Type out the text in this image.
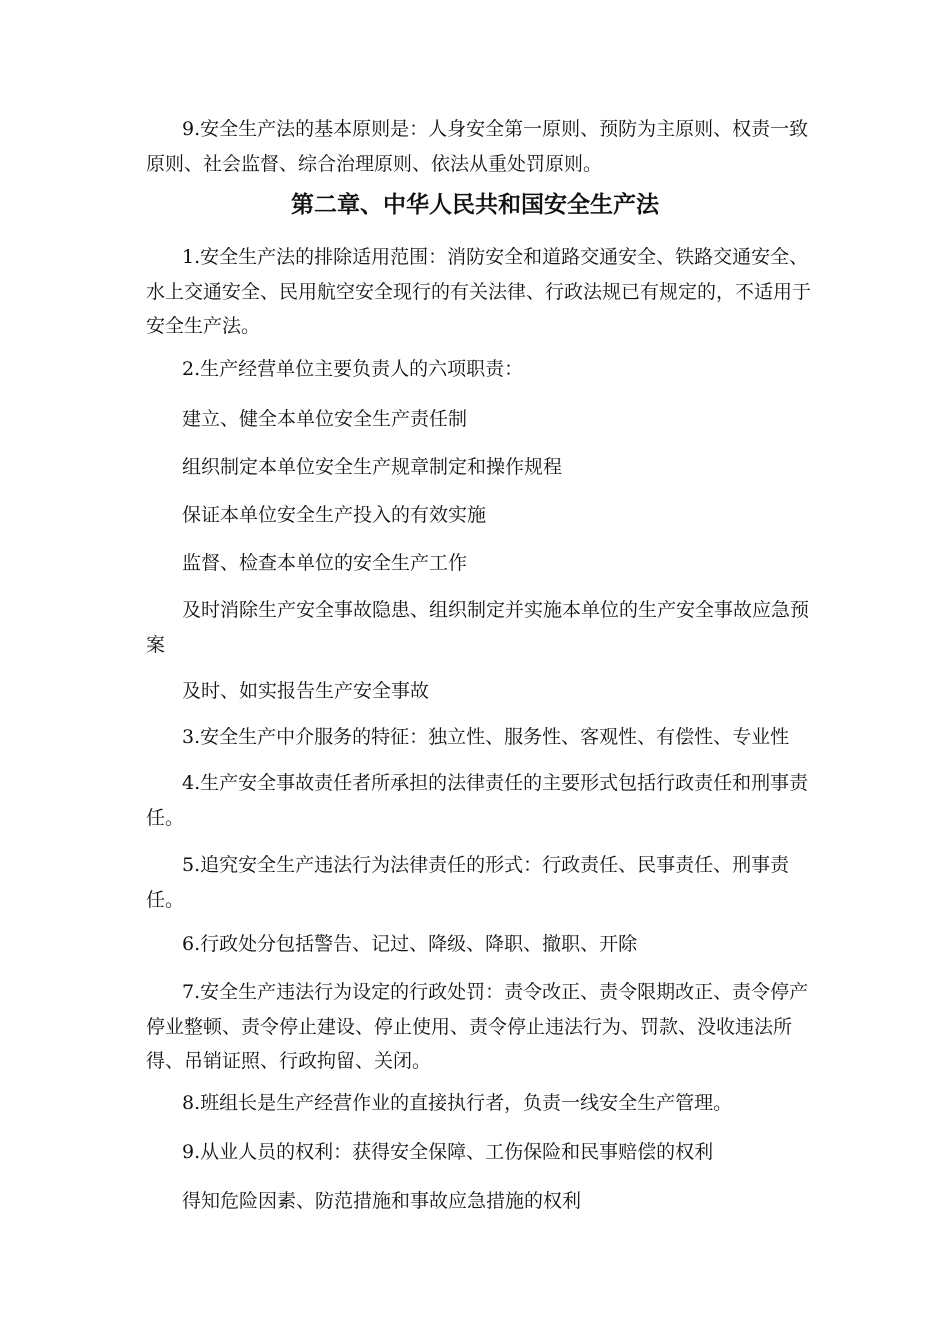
9.安全生产法的基本原则是：人身安全第一原则、预防为主原则、权责一致原则、社会监督、综合治理原则、依法从重处罚原则。

第二章、中华人民共和国安全生产法

1.安全生产法的排除适用范围：消防安全和道路交通安全、铁路交通安全、水上交通安全、民用航空安全现行的有关法律、行政法规已有规定的，不适用于安全生产法。

2.生产经营单位主要负责人的六项职责：

建立、健全本单位安全生产责任制

组织制定本单位安全生产规章制定和操作规程

保证本单位安全生产投入的有效实施

监督、检查本单位的安全生产工作

及时消除生产安全事故隐患、组织制定并实施本单位的生产安全事故应急预案

及时、如实报告生产安全事故

3.安全生产中介服务的特征：独立性、服务性、客观性、有偿性、专业性

4.生产安全事故责任者所承担的法律责任的主要形式包括行政责任和刑事责任。

5.追究安全生产违法行为法律责任的形式：行政责任、民事责任、刑事责任。

6.行政处分包括警告、记过、降级、降职、撤职、开除

7.安全生产违法行为设定的行政处罚：责令改正、责令限期改正、责令停产停业整顿、责令停止建设、停止使用、责令停止违法行为、罚款、没收违法所得、吊销证照、行政拘留、关闭。

8.班组长是生产经营作业的直接执行者，负责一线安全生产管理。

9.从业人员的权利：获得安全保障、工伤保险和民事赔偿的权利

得知危险因素、防范措施和事故应急措施的权利
